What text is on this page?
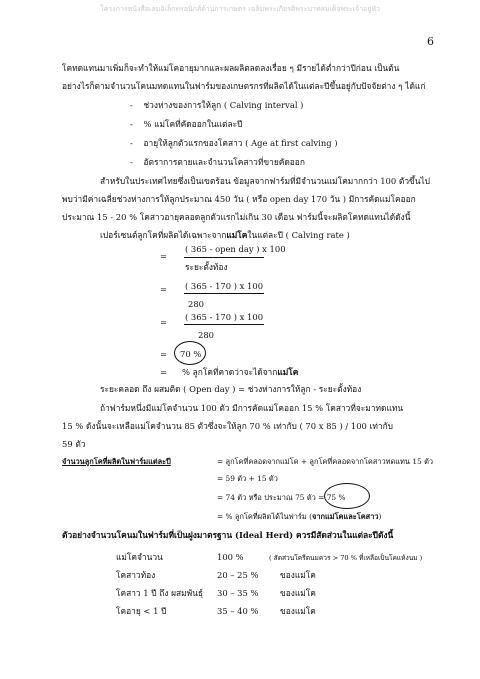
โครงการหนังสือเล่มอิเล็กทรอนิกส์ด้านการเกษตร เฉลิมพระเกียรติพระบาทสมเด็จพระเจ้าอยู่หัว
6
โคทดแทนมาเพิ่มก็จะทำให้แม่โคอายุมากและผลผลิตลดลงเรื่อย ๆ มีรายได้ต่ำกว่าปีก่อน เป็นต้น
อย่างไรก็ตามจำนวนโคนมทดแทนในฟาร์มของเกษตรกรที่ผลิตได้ในแต่ละปีขึ้นอยู่กับปัจจัยต่าง ๆ ได้แก่
-    ช่วงห่างของการให้ลูก ( Calving interval )
-    % แม่โคที่คัดออกในแต่ละปี
-    อายุให้ลูกตัวแรกของโคสาว ( Age at first calving )
-    อัตราการตายและจำนวนโคสาวที่ขายคัดออก
สำหรับในประเทศไทยซึ่งเป็นเขตร้อน ข้อมูลจากฟาร์มที่มีจำนวนแม่โคมากกว่า 100 ตัวขึ้นไป
พบว่ามีค่าเฉลี่ยช่วงห่างการให้ลูกประมาณ 450 วัน ( หรือ open day 170 วัน ) มีการคัดแม่โคออก
ประมาณ 15 - 20 % โคสาวอายุคลอดลูกตัวแรกไม่เกิน 30 เดือน ฟาร์มนี้จะผลิตโคทดแทนได้ดังนี้
เปอร์เซนต์ลูกโคที่ผลิตได้เฉพาะจากแม่โคในแต่ละปี ( Calving rate )
=
( 365 - open day ) x 100
ระยะตั้งท้อง
= ( 365 - 170 ) x 100
280
= ( 365 - 170 ) x 100
280
= 70 %
= % ลูกโคที่คาดว่าจะได้จากแม่โค
ระยะคลอด ถึง ผสมติด ( Open day ) = ช่วงห่างการให้ลูก - ระยะตั้งท้อง
ถ้าฟาร์มหนึ่งมีแม่โคจำนวน 100 ตัว มีการคัดแม่โคออก 15 % โคสาวที่จะมาทดแทน
15 % ดังนั้นจะเหลือแม่โคจำนวน 85 ตัวซึ่งจะให้ลูก 70 % เท่ากับ ( 70 x 85 ) / 100 เท่ากับ
59 ตัว
จำนวนลูกโคที่ผลิตในฟาร์มแต่ละปี	= ลูกโคที่คลอดจากแม่โค + ลูกโคที่คลอดจากโคสาวทดแทน 15 ตัว
= 59 ตัว + 15 ตัว
= 74 ตัว หรือ ประมาณ 75 ตัว = 75 %
= % ลูกโคที่ผลิตได้ในฟาร์ม (จากแม่โคและโคสาว)
ตัวอย่างจำนวนโคนมในฟาร์มที่เป็นฝูงมาตรฐาน (Ideal Herd) ควรมีสัดส่วนในแต่ละปีดังนี้
แม่โคจำนวน	100 %	( สัดส่วนโครีดนมควร > 70 % ที่เหลือเป็นโคแห้งนม )
โคสาวท้อง	20 – 25 %	ของแม่โค
โคสาว 1 ปี ถึง ผสมพันธุ์ 30 – 35 %	ของแม่โค
โคอายุ < 1 ปี	35 – 40 %	ของแม่โค
